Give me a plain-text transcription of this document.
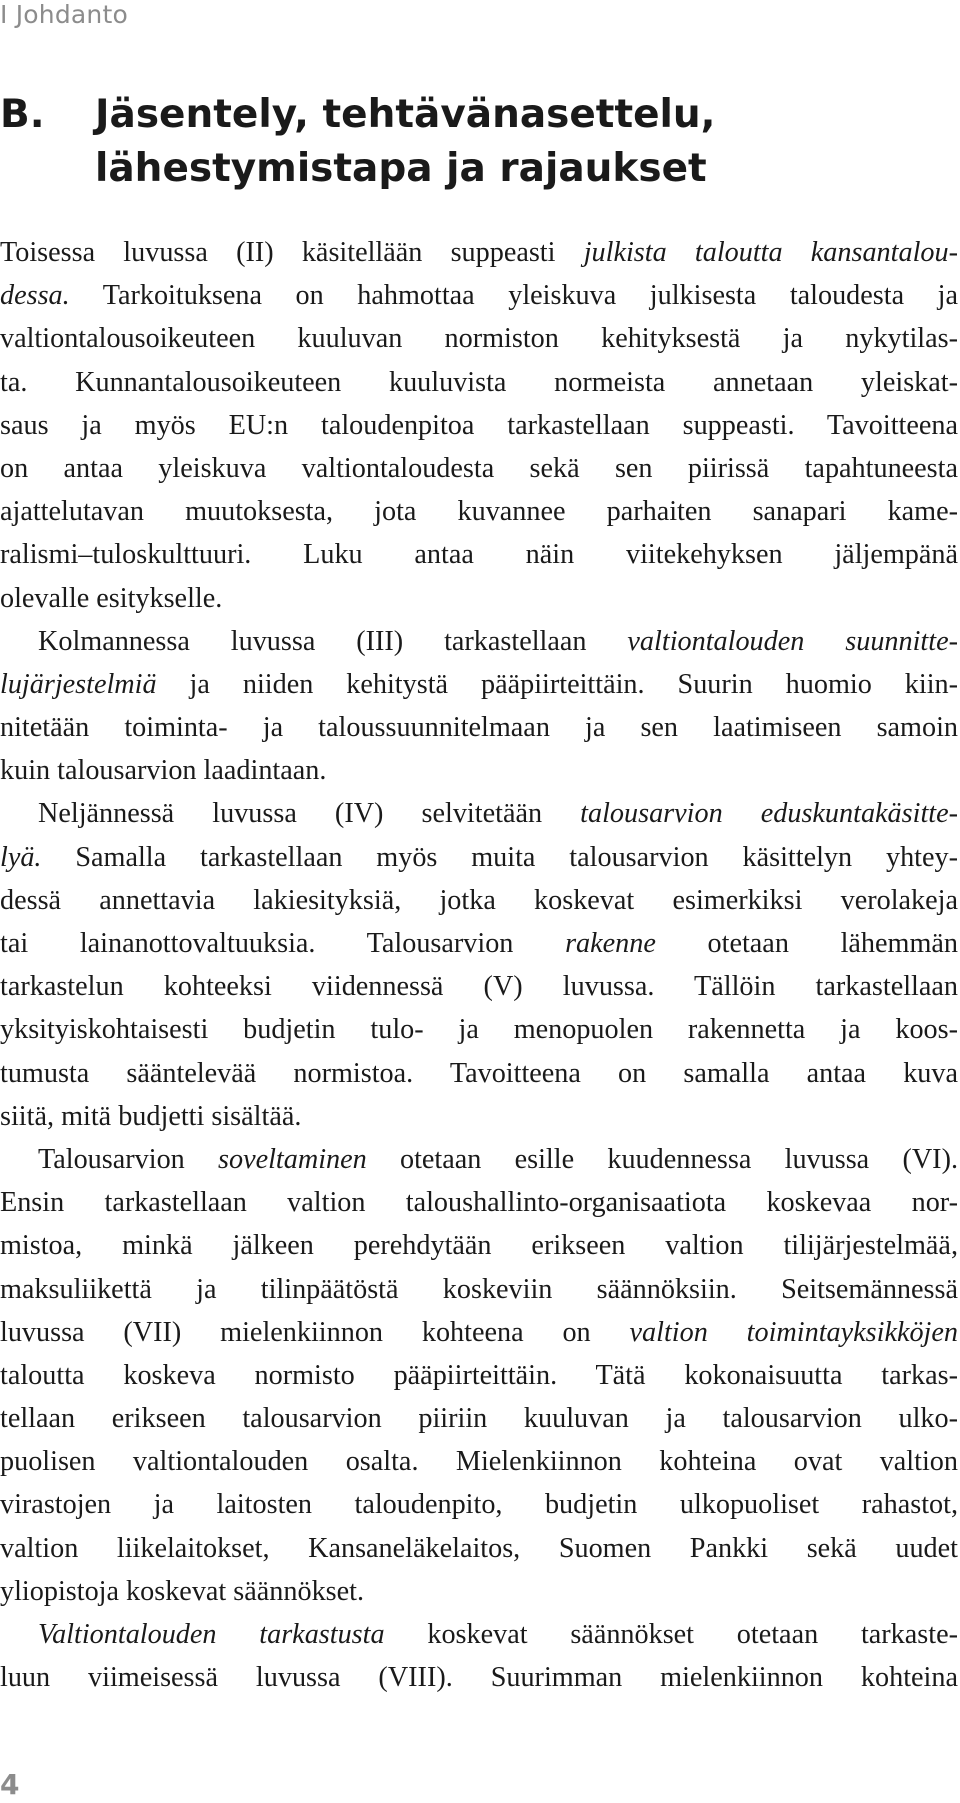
I Johdanto
B. Jäsentely, tehtävänasettelu,
lähestymistapa ja rajaukset
Toisessa luvussa (II) käsitellään suppeasti julkista taloutta kansantalou-
dessa. Tarkoituksena on hahmottaa yleiskuva julkisesta taloudesta ja
valtiontalousoikeuteen kuuluvan normiston kehityksestä ja nykytilas-
ta. Kunnantalousoikeuteen kuuluvista normeista annetaan yleiskat-
saus ja myös EU:n taloudenpitoa tarkastellaan suppeasti. Tavoitteena
on antaa yleiskuva valtiontaloudesta sekä sen piirissä tapahtuneesta
ajattelutavan muutoksesta, jota kuvannee parhaiten sanapari kame-
ralismi–tuloskulttuuri. Luku antaa näin viitekehyksen jäljempänä
olevalle esitykselle.
Kolmannessa luvussa (III) tarkastellaan valtiontalouden suunnitte-
lujärjestelmiä ja niiden kehitystä pääpiirteittäin. Suurin huomio kiin-
nitetään toiminta- ja taloussuunnitelmaan ja sen laatimiseen samoin
kuin talousarvion laadintaan.
Neljännessä luvussa (IV) selvitetään talousarvion eduskuntakäsitte-
lyä. Samalla tarkastellaan myös muita talousarvion käsittelyn yhtey-
dessä annettavia lakiesityksiä, jotka koskevat esimerkiksi verolakeja
tai lainanottovaltuuksia. Talousarvion rakenne otetaan lähemmän
tarkastelun kohteeksi viidennessä (V) luvussa. Tällöin tarkastellaan
yksityiskohtaisesti budjetin tulo- ja menopuolen rakennetta ja koos-
tumusta sääntelevää normistoa. Tavoitteena on samalla antaa kuva
siitä, mitä budjetti sisältää.
Talousarvion soveltaminen otetaan esille kuudennessa luvussa (VI).
Ensin tarkastellaan valtion taloushallinto-organisaatiota koskevaa nor-
mistoa, minkä jälkeen perehdytään erikseen valtion tilijärjestelmää,
maksuliikettä ja tilinpäätöstä koskeviin säännöksiin. Seitsemännessä
luvussa (VII) mielenkiinnon kohteena on valtion toimintayksikköjen
taloutta koskeva normisto pääpiirteittäin. Tätä kokonaisuutta tarkas-
tellaan erikseen talousarvion piiriin kuuluvan ja talousarvion ulko-
puolisen valtiontalouden osalta. Mielenkiinnon kohteina ovat valtion
virastojen ja laitosten taloudenpito, budjetin ulkopuoliset rahastot,
valtion liikelaitokset, Kansaneläkelaitos, Suomen Pankki sekä uudet
yliopistoja koskevat säännökset.
Valtiontalouden tarkastusta koskevat säännökset otetaan tarkaste-
luun viimeisessä luvussa (VIII). Suurimman mielenkiinnon kohteina
4
